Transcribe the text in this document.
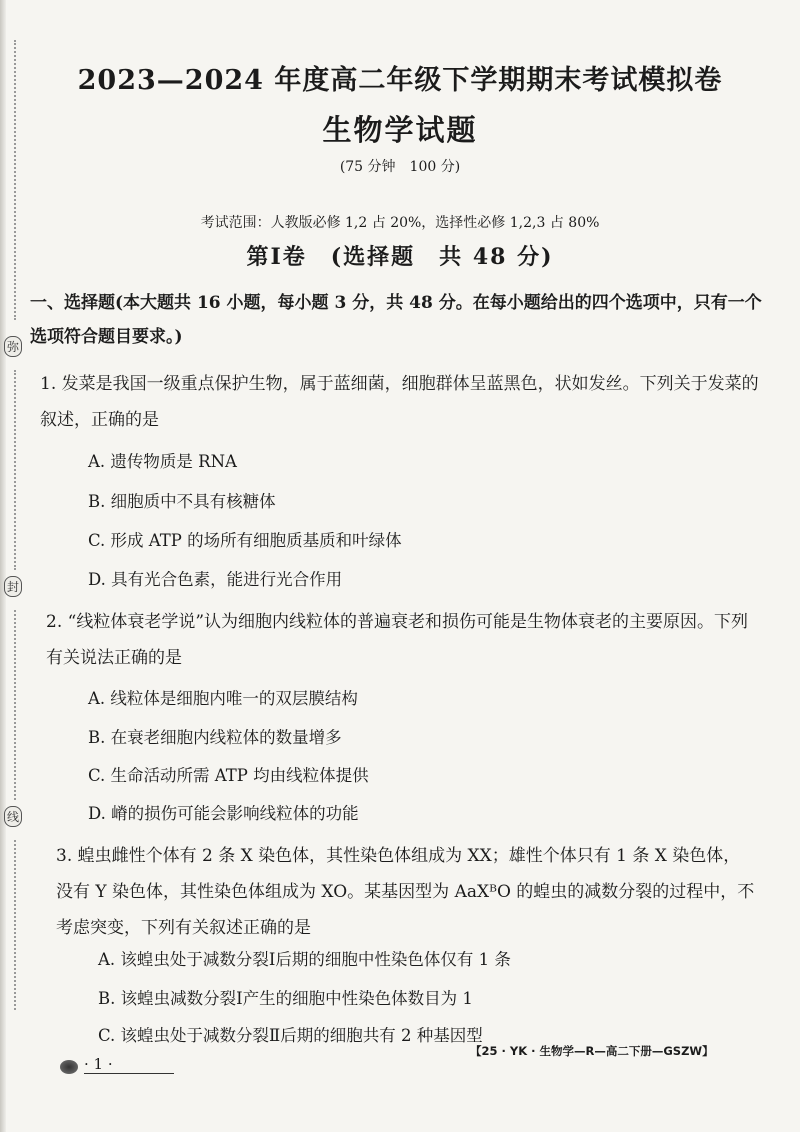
弥
封
线
2023—2024 年度高二年级下学期期末考试模拟卷
生物学试题
(75 分钟　100 分)
考试范围：人教版必修 1,2 占 20%，选择性必修 1,2,3 占 80%
第Ⅰ卷　(选择题　共 48 分)
一、选择题(本大题共 16 小题，每小题 3 分，共 48 分。在每小题给出的四个选项中，只有一个选项符合题目要求。)
1. 发菜是我国一级重点保护生物，属于蓝细菌，细胞群体呈蓝黑色，状如发丝。下列关于发菜的叙述，正确的是
A. 遗传物质是 RNA
B. 细胞质中不具有核糖体
C. 形成 ATP 的场所有细胞质基质和叶绿体
D. 具有光合色素，能进行光合作用
2. “线粒体衰老学说”认为细胞内线粒体的普遍衰老和损伤可能是生物体衰老的主要原因。下列有关说法正确的是
A. 线粒体是细胞内唯一的双层膜结构
B. 在衰老细胞内线粒体的数量增多
C. 生命活动所需 ATP 均由线粒体提供
D. 嵴的损伤可能会影响线粒体的功能
3. 蝗虫雌性个体有 2 条 X 染色体，其性染色体组成为 XX；雄性个体只有 1 条 X 染色体，没有 Y 染色体，其性染色体组成为 XO。某基因型为 AaXᴮO 的蝗虫的减数分裂的过程中，不考虑突变，下列有关叙述正确的是
A. 该蝗虫处于减数分裂Ⅰ后期的细胞中性染色体仅有 1 条
B. 该蝗虫减数分裂Ⅰ产生的细胞中性染色体数目为 1
C. 该蝗虫处于减数分裂Ⅱ后期的细胞共有 2 种基因型
· 1 ·
【25 · YK · 生物学—R—高二下册—GSZW】
